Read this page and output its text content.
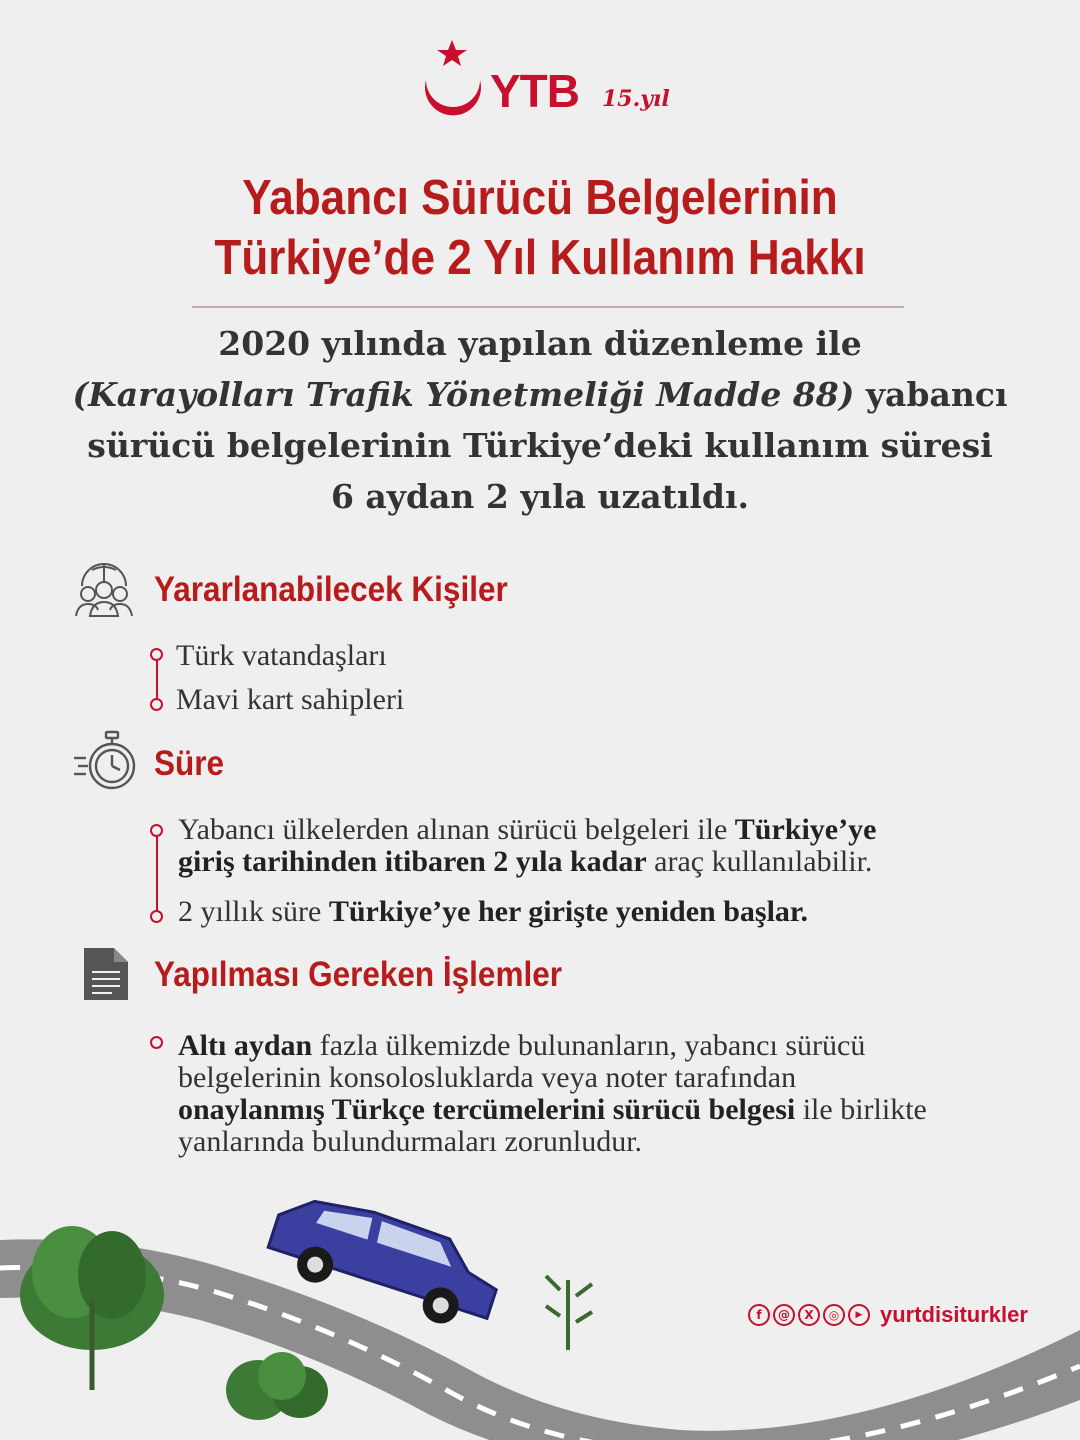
YTB 15.yıl
Yabancı Sürücü Belgelerinin
Türkiye’de 2 Yıl Kullanım Hakkı
2020 yılında yapılan düzenleme ile
(Karayolları Trafik Yönetmeliği Madde 88) yabancı
sürücü belgelerinin Türkiye’deki kullanım süresi
6 aydan 2 yıla uzatıldı.
Yararlanabilecek Kişiler
Türk vatandaşları
Mavi kart sahipleri
Süre
Yabancı ülkelerden alınan sürücü belgeleri ile Türkiye’ye
giriş tarihinden itibaren 2 yıla kadar araç kullanılabilir.
2 yıllık süre Türkiye’ye her girişte yeniden başlar.
Yapılması Gereken İşlemler
Altı aydan fazla ülkemizde bulunanların, yabancı sürücü
belgelerinin konsolosluklarda veya noter tarafından
onaylanmış Türkçe tercümelerini sürücü belgesi ile birlikte
yanlarında bulundurmaları zorunludur.
f	@	X	◎	▶ yurtdisiturkler
